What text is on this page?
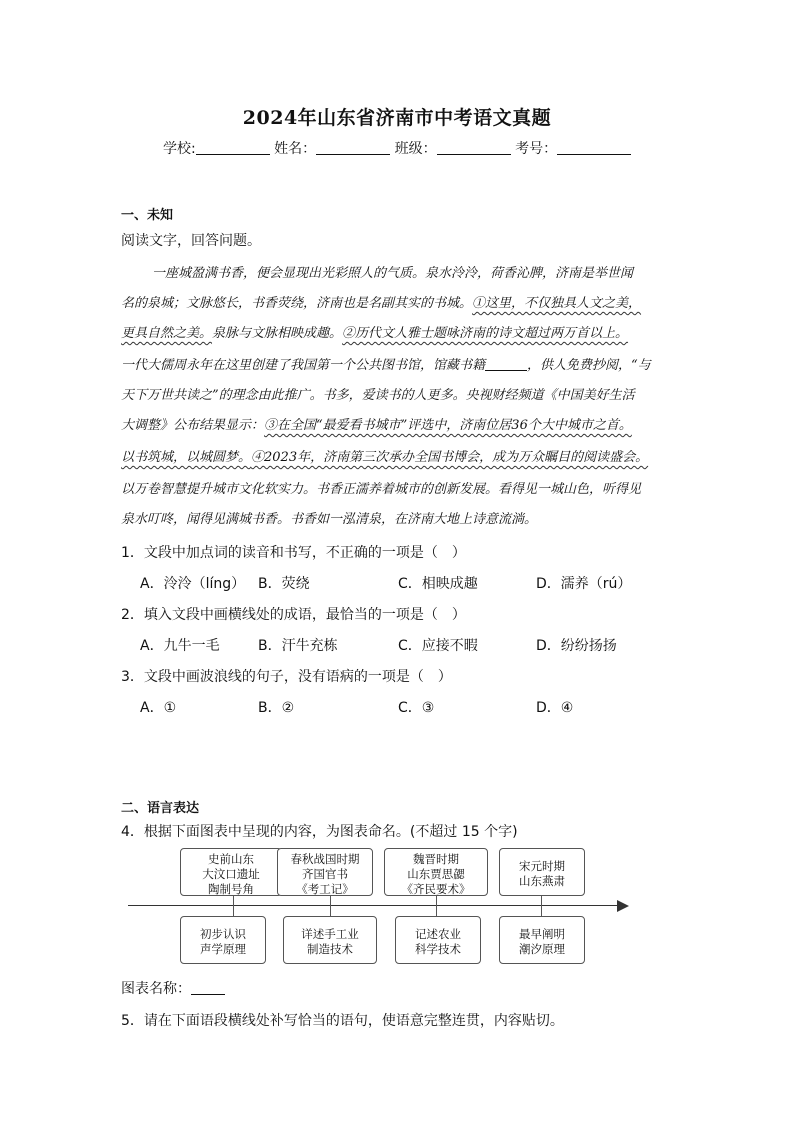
2024年山东省济南市中考语文真题
学校:	姓名：	班级：	考号：
一、未知
阅读文字，回答问题。
一座城盈满书香，便会显现出光彩照人的气质。泉水泠泠，荷香沁脾，济南是举世闻
名的泉城；文脉悠长，书香荧绕，济南也是名副其实的书城。①这里，不仅独具人文之美，
更具自然之美。泉脉与文脉相映成趣。②历代文人雅士题咏济南的诗文超过两万首以上。
一代大儒周永年在这里创建了我国第一个公共图书馆，馆藏书籍	，供人免费抄阅，“与
天下万世共读之”的理念由此推广。书多，爱读书的人更多。央视财经频道《中国美好生活
大调整》公布结果显示：③在全国“最爱看书城市”评选中，济南位居36个大中城市之首。
以书筑城，以城圆梦。④2023年，济南第三次承办全国书博会，成为万众瞩目的阅读盛会。
以万卷智慧提升城市文化软实力。书香正濡养着城市的创新发展。看得见一城山色，听得见
泉水叮咚，闻得见满城书香。书香如一泓清泉，在济南大地上诗意流淌。
1．文段中加点词的读音和书写，不正确的一项是（　）
A．泠泠（líng） B．荧绕	C．相映成趣	D．濡养（rú）
2．填入文段中画横线处的成语，最恰当的一项是（　）
A．九牛一毛	B．汗牛充栋	C．应接不暇	D．纷纷扬扬
3．文段中画波浪线的句子，没有语病的一项是（　）
A．①	B．②	C．③	D．④
二、语言表达
4．根据下面图表中呈现的内容，为图表命名。(不超过 15 个字)
史前山东
大汶口遗址
陶制号角
春秋战国时期
齐国官书
《考工记》
魏晋时期
山东贾思勰
《齐民要术》
宋元时期
山东燕肃
初步认识
声学原理
详述手工业
制造技术
记述农业
科学技术
最早阐明
潮汐原理
图表名称：
5．请在下面语段横线处补写恰当的语句，使语意完整连贯，内容贴切。
